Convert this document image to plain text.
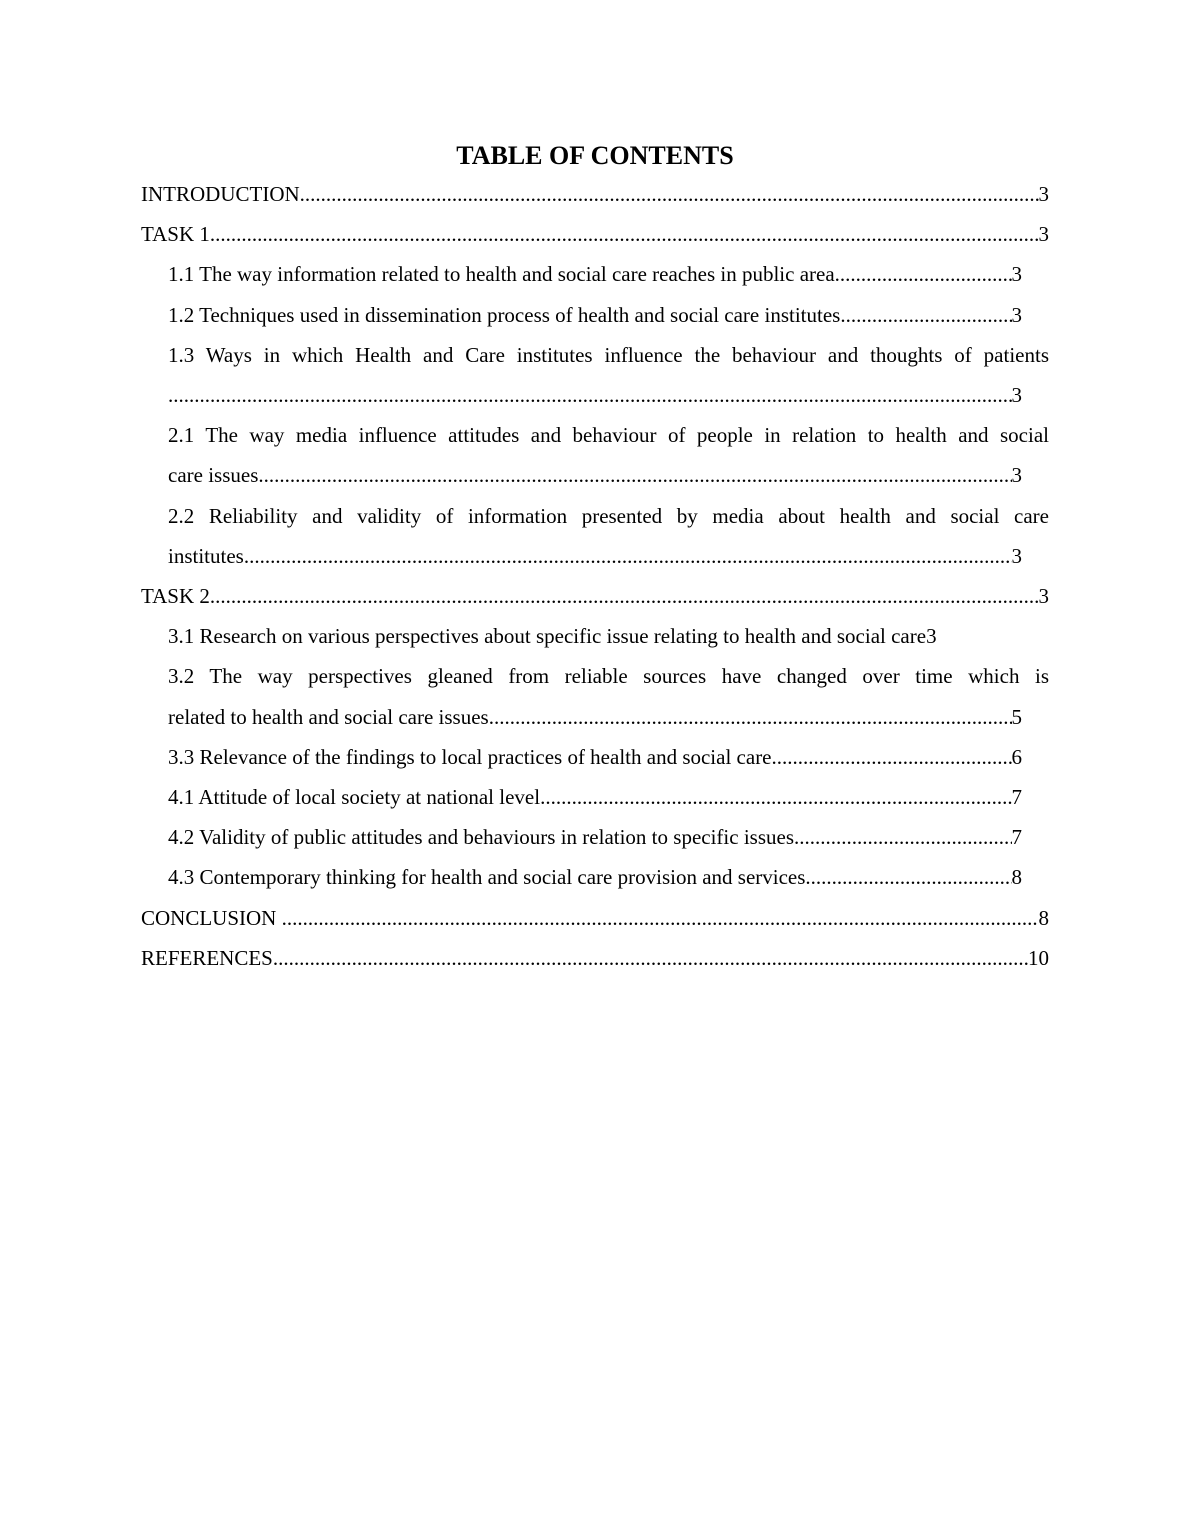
TABLE OF CONTENTS
INTRODUCTION .....	3
TASK 1 .....	3
1.1 The way information related to health and social care reaches in public area .....	3
1.2 Techniques used in dissemination process of health and social care institutes .....	3
1.3 Ways in which Health and Care institutes influence the behaviour and thoughts of patients
.....
3
2.1 The way media influence attitudes and behaviour of people in relation to health and social
care issues .....	3
2.2 Reliability and validity of information presented by media about health and social care
institutes .....	3
TASK 2 .....	3
3.1 Research on various perspectives about specific issue relating to health and social care 3
3.2 The way perspectives gleaned from reliable sources have changed over time which is
related to health and social care issues .....	5
3.3 Relevance of the findings to local practices of health and social care .....	6
4.1 Attitude of local society at national level .....	7
4.2 Validity of public attitudes and behaviours in relation to specific issues .....	7
4.3 Contemporary thinking for health and social care provision and services .....	8
CONCLUSION .....	8
REFERENCES .....	10
